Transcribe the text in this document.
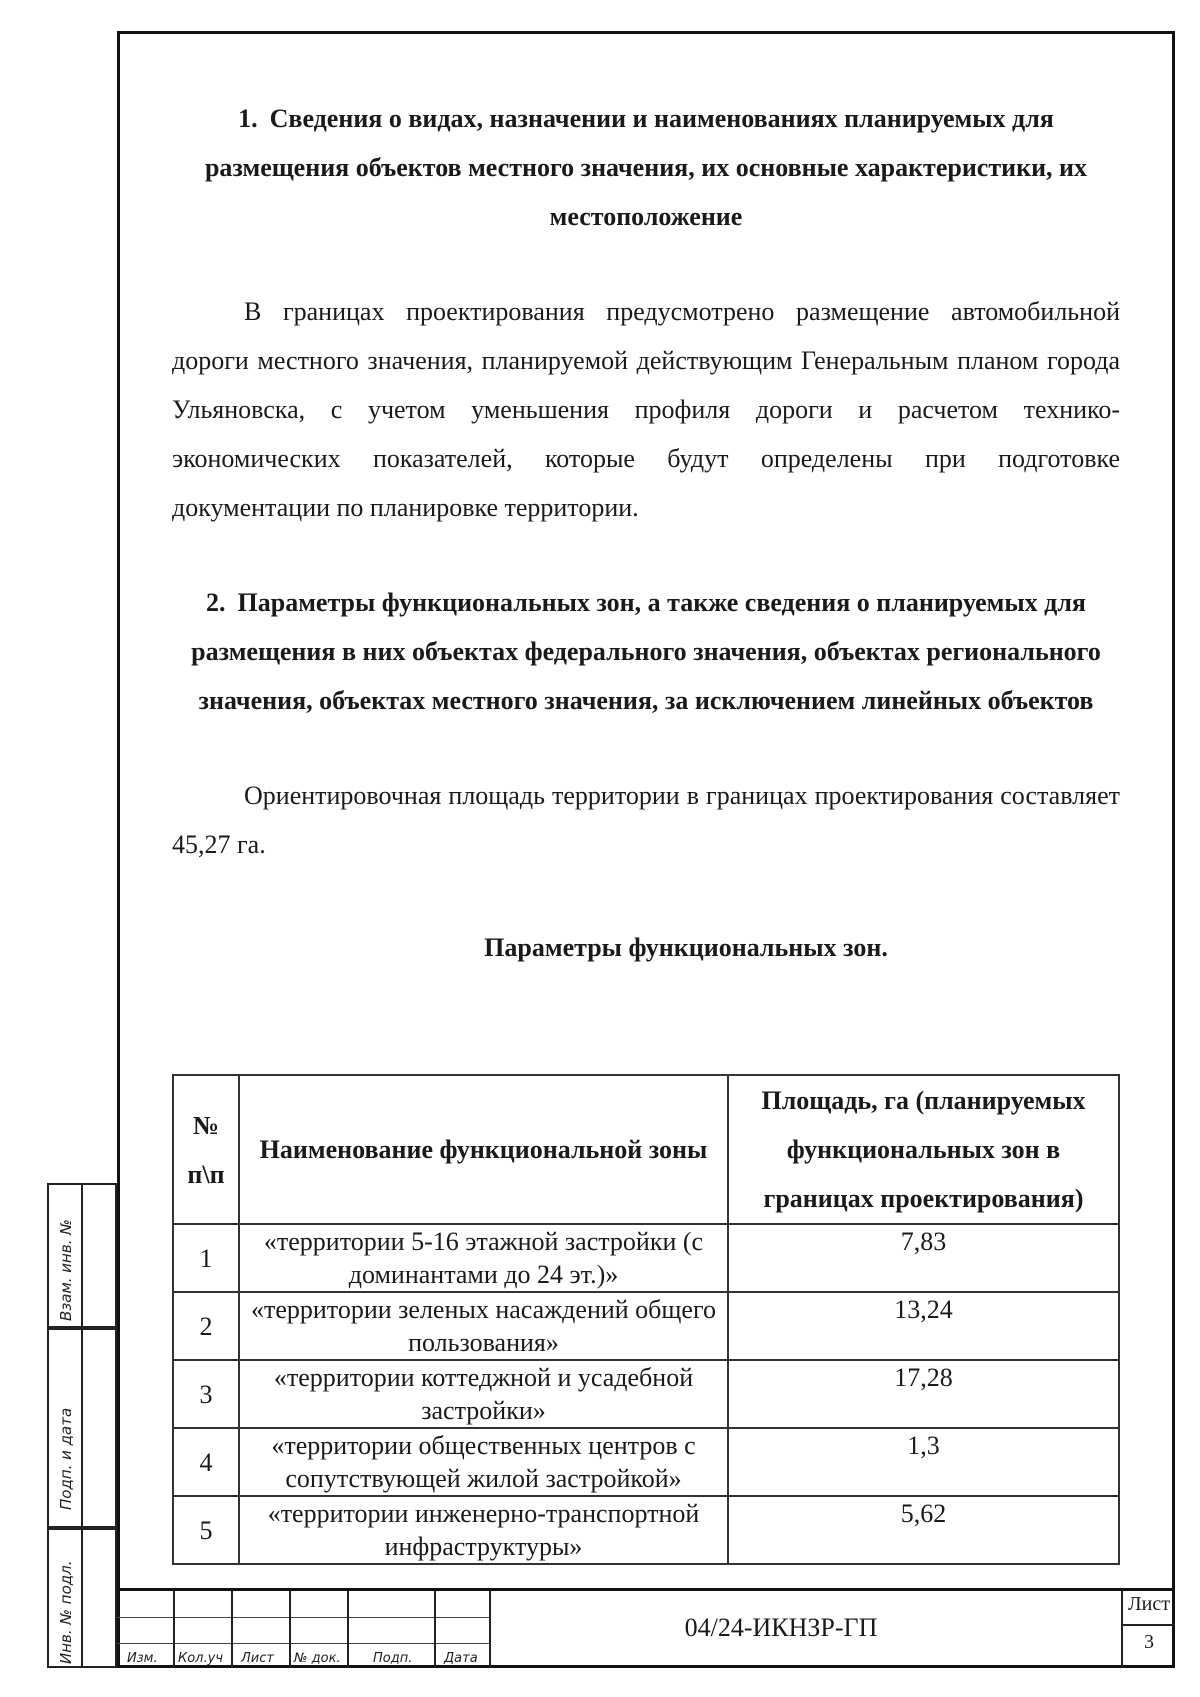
1. Сведения о видах, назначении и наименованиях планируемых для размещения объектов местного значения, их основные характеристики, их местоположение

В границах проектирования предусмотрено размещение автомобильной дороги местного значения, планируемой действующим Генеральным планом города Ульяновска, с учетом уменьшения профиля дороги и расчетом технико-экономических показателей, которые будут определены при подготовке документации по планировке территории.

2. Параметры функциональных зон, а также сведения о планируемых для размещения в них объектах федерального значения, объектах регионального значения, объектах местного значения, за исключением линейных объектов

Ориентировочная площадь территории в границах проектирования составляет 45,27 га.

Параметры функциональных зон.

№ п\п	Наименование функциональной зоны	Площадь, га (планируемых функциональных зон в границах проектирования)
1	«территории 5-16 этажной застройки (с доминантами до 24 эт.)»	7,83
2	«территории зеленых насаждений общего пользования»	13,24
3	«территории коттеджной и усадебной застройки»	17,28
4	«территории общественных центров с сопутствующей жилой застройкой»	1,3
5	«территории инженерно-транспортной инфраструктуры»	5,62
Взам. инв. №
Подп. и дата
Инв. № подл.	Изм. Кол.уч Лист № док. Подп. Дата
04/24-ИКНЗР-ГП
Лист
3
